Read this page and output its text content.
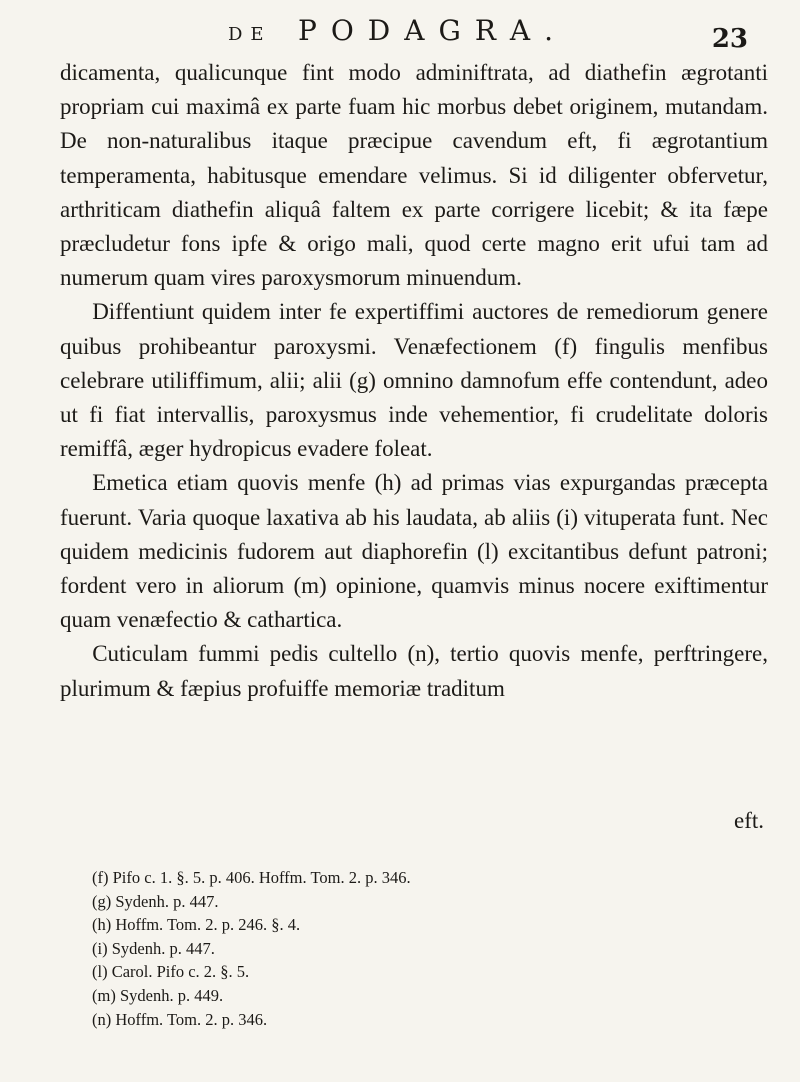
DE PODAGRA.	23

dicamenta, qualicunque fint modo adminiftrata, ad diathefin ægrotanti propriam cui maximâ ex parte fuam hic morbus debet originem, mutandam. De non-naturalibus itaque præcipue cavendum eft, fi ægrotantium temperamenta, habitusque emendare velimus. Si id diligenter obfervetur, arthriticam diathefin aliquâ faltem ex parte corrigere licebit; & ita fæpe præcludetur fons ipfe & origo mali, quod certe magno erit ufui tam ad numerum quam vires paroxysmorum minuendum.

Diffentiunt quidem inter fe expertiffimi auctores de remediorum genere quibus prohibeantur paroxysmi. Venæfectionem (f) fingulis menfibus celebrare utiliffimum, alii; alii (g) omnino damnofum effe contendunt, adeo ut fi fiat intervallis, paroxysmus inde vehementior, fi crudelitate doloris remiffâ, æger hydropicus evadere foleat.

Emetica etiam quovis menfe (h) ad primas vias expurgandas præcepta fuerunt. Varia quoque laxativa ab his laudata, ab aliis (i) vituperata funt. Nec quidem medicinis fudorem aut diaphorefin (l) excitantibus defunt patroni; fordent vero in aliorum (m) opinione, quamvis minus nocere exiftimentur quam venæfectio & cathartica.

Cuticulam fummi pedis cultello (n), tertio quovis menfe, perftringere, plurimum & fæpius profuiffe memoriæ traditum

eft.
(f) Pifo c. 1. §. 5. p. 406. Hoffm. Tom. 2. p. 346.
(g) Sydenh. p. 447.
(h) Hoffm. Tom. 2. p. 246. §. 4.
(i) Sydenh. p. 447.
(l) Carol. Pifo c. 2. §. 5.
(m) Sydenh. p. 449.
(n) Hoffm. Tom. 2. p. 346.
